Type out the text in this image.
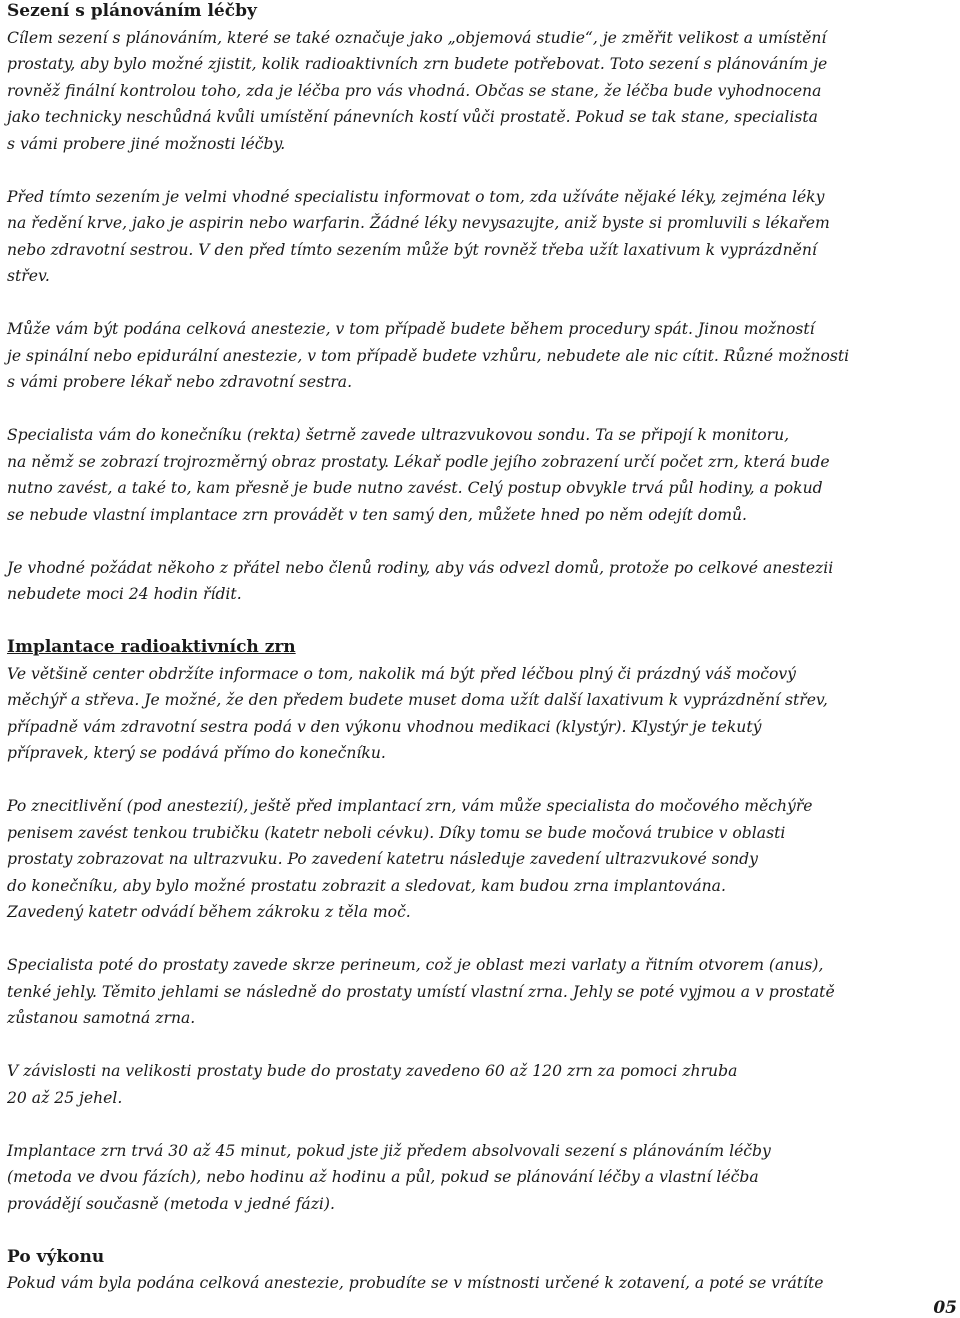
Sezení s plánováním léčby

Cílem sezení s plánováním, které se také označuje jako „objemová studie“, je změřit velikost a umístění
prostaty, aby bylo možné zjistit, kolik radioaktivních zrn budete potřebovat. Toto sezení s plánováním je
rovněž finální kontrolou toho, zda je léčba pro vás vhodná. Občas se stane, že léčba bude vyhodnocena
jako technicky neschůdná kvůli umístění pánevních kostí vůči prostatě. Pokud se tak stane, specialista
s vámi probere jiné možnosti léčby.

Před tímto sezením je velmi vhodné specialistu informovat o tom, zda užíváte nějaké léky, zejména léky
na ředění krve, jako je aspirin nebo warfarin. Žádné léky nevysazujte, aniž byste si promluvili s lékařem
nebo zdravotní sestrou. V den před tímto sezením může být rovněž třeba užít laxativum k vyprázdnění
střev.

Může vám být podána celková anestezie, v tom případě budete během procedury spát. Jinou možností
je spinální nebo epidurální anestezie, v tom případě budete vzhůru, nebudete ale nic cítit. Různé možnosti
s vámi probere lékař nebo zdravotní sestra.

Specialista vám do konečníku (rekta) šetrně zavede ultrazvukovou sondu. Ta se připojí k monitoru,
na němž se zobrazí trojrozměrný obraz prostaty. Lékař podle jejího zobrazení určí počet zrn, která bude
nutno zavést, a také to, kam přesně je bude nutno zavést. Celý postup obvykle trvá půl hodiny, a pokud
se nebude vlastní implantace zrn provádět v ten samý den, můžete hned po něm odejít domů.

Je vhodné požádat někoho z přátel nebo členů rodiny, aby vás odvezl domů, protože po celkové anestezii
nebudete moci 24 hodin řídit.

Implantace radioaktivních zrn

Ve většině center obdržíte informace o tom, nakolik má být před léčbou plný či prázdný váš močový
měchýř a střeva. Je možné, že den předem budete muset doma užít další laxativum k vyprázdnění střev,
případně vám zdravotní sestra podá v den výkonu vhodnou medikaci (klystýr). Klystýr je tekutý
přípravek, který se podává přímo do konečníku.

Po znecitlivění (pod anestezií), ještě před implantací zrn, vám může specialista do močového měchýře
penisem zavést tenkou trubičku (katetr neboli cévku). Díky tomu se bude močová trubice v oblasti
prostaty zobrazovat na ultrazvuku. Po zavedení katetru následuje zavedení ultrazvukové sondy
do konečníku, aby bylo možné prostatu zobrazit a sledovat, kam budou zrna implantována.
Zavedený katetr odvádí během zákroku z těla moč.

Specialista poté do prostaty zavede skrze perineum, což je oblast mezi varlaty a řitním otvorem (anus),
tenké jehly. Těmito jehlami se následně do prostaty umístí vlastní zrna. Jehly se poté vyjmou a v prostatě
zůstanou samotná zrna.

V závislosti na velikosti prostaty bude do prostaty zavedeno 60 až 120 zrn za pomoci zhruba
20 až 25 jehel.

Implantace zrn trvá 30 až 45 minut, pokud jste již předem absolvovali sezení s plánováním léčby
(metoda ve dvou fázích), nebo hodinu až hodinu a půl, pokud se plánování léčby a vlastní léčba
provádějí současně (metoda v jedné fázi).

Po výkonu

Pokud vám byla podána celková anestezie, probudíte se v místnosti určené k zotavení, a poté se vrátíte

05
